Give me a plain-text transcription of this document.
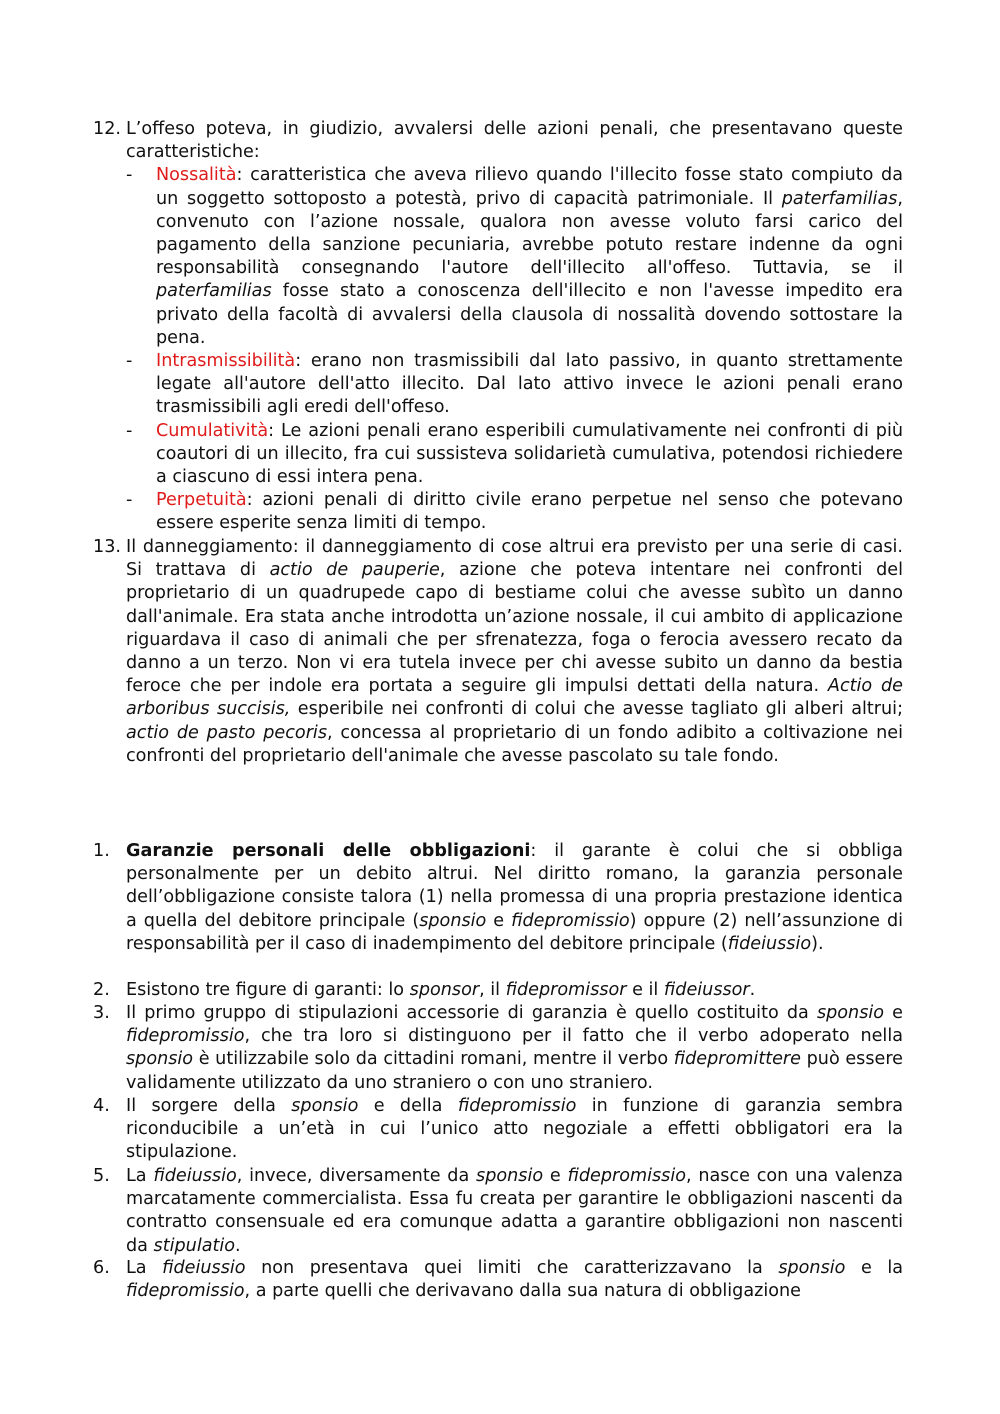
12. L’offeso poteva, in giudizio, avvalersi delle azioni penali, che presentavano queste caratteristiche:
- Nossalità: caratteristica che aveva rilievo quando l'illecito fosse stato compiuto da un soggetto sottoposto a potestà, privo di capacità patrimoniale. Il paterfamilias, convenuto con l’azione nossale, qualora non avesse voluto farsi carico del pagamento della sanzione pecuniaria, avrebbe potuto restare indenne da ogni responsabilità consegnando l'autore dell'illecito all'offeso. Tuttavia, se il paterfamilias fosse stato a conoscenza dell'illecito e non l'avesse impedito era privato della facoltà di avvalersi della clausola di nossalità dovendo sottostare la pena.
- Intrasmissibilità: erano non trasmissibili dal lato passivo, in quanto strettamente legate all'autore dell'atto illecito. Dal lato attivo invece le azioni penali erano trasmissibili agli eredi dell'offeso.
- Cumulatività: Le azioni penali erano esperibili cumulativamente nei confronti di più coautori di un illecito, fra cui sussisteva solidarietà cumulativa, potendosi richiedere a ciascuno di essi intera pena.
- Perpetuità: azioni penali di diritto civile erano perpetue nel senso che potevano essere esperite senza limiti di tempo.
13. Il danneggiamento: il danneggiamento di cose altrui era previsto per una serie di casi. Si trattava di actio de pauperie, azione che poteva intentare nei confronti del proprietario di un quadrupede capo di bestiame colui che avesse subìto un danno dall'animale. Era stata anche introdotta un’azione nossale, il cui ambito di applicazione riguardava il caso di animali che per sfrenatezza, foga o ferocia avessero recato da danno a un terzo. Non vi era tutela invece per chi avesse subito un danno da bestia feroce che per indole era portata a seguire gli impulsi dettati della natura. Actio de arboribus succisis, esperibile nei confronti di colui che avesse tagliato gli alberi altrui; actio de pasto pecoris, concessa al proprietario di un fondo adibito a coltivazione nei confronti del proprietario dell'animale che avesse pascolato su tale fondo.
1. Garanzie personali delle obbligazioni: il garante è colui che si obbliga personalmente per un debito altrui. Nel diritto romano, la garanzia personale dell’obbligazione consiste talora (1) nella promessa di una propria prestazione identica a quella del debitore principale (sponsio e fidepromissio) oppure (2) nell’assunzione di responsabilità per il caso di inadempimento del debitore principale (fideiussio).
2. Esistono tre figure di garanti: lo sponsor, il fidepromissor e il fideiussor.
3. Il primo gruppo di stipulazioni accessorie di garanzia è quello costituito da sponsio e fidepromissio, che tra loro si distinguono per il fatto che il verbo adoperato nella sponsio è utilizzabile solo da cittadini romani, mentre il verbo fidepromittere può essere validamente utilizzato da uno straniero o con uno straniero.
4. Il sorgere della sponsio e della fidepromissio in funzione di garanzia sembra riconducibile a un’età in cui l’unico atto negoziale a effetti obbligatori era la stipulazione.
5. La fideiussio, invece, diversamente da sponsio e fidepromissio, nasce con una valenza marcatamente commercialista. Essa fu creata per garantire le obbligazioni nascenti da contratto consensuale ed era comunque adatta a garantire obbligazioni non nascenti da stipulatio.
6. La fideiussio non presentava quei limiti che caratterizzavano la sponsio e la fidepromissio, a parte quelli che derivavano dalla sua natura di obbligazione
